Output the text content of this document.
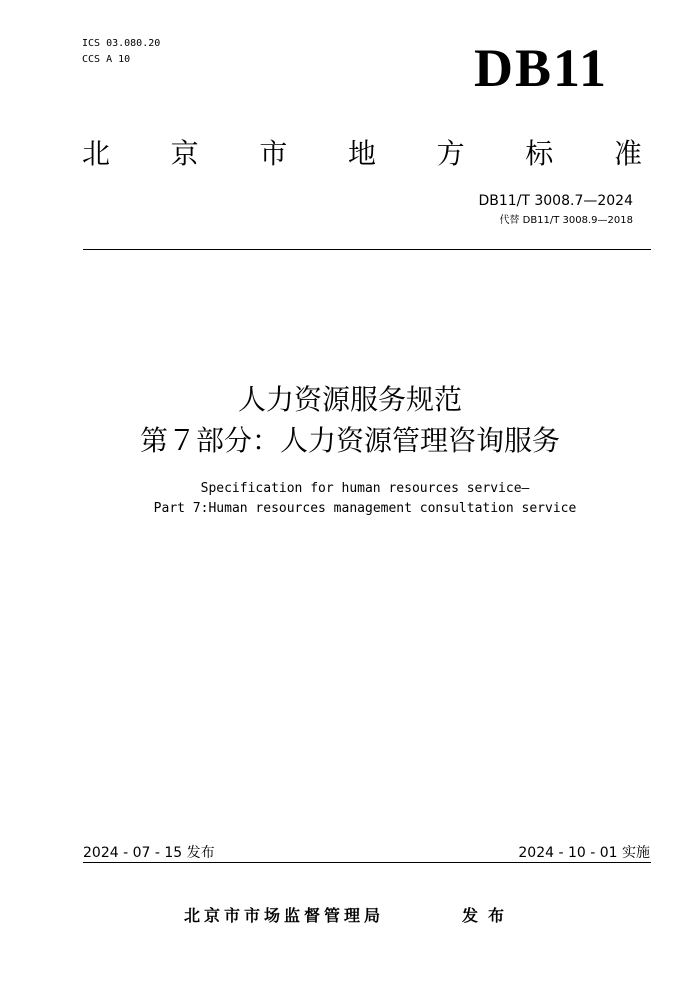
ICS 03.080.20
CCS A 10	DB11
北 京 市 地 方 标 准
DB11/T 3008.7—2024
代替 DB11/T 3008.9—2018
人力资源服务规范
第７部分：人力资源管理咨询服务
Specification for human resources service—
Part 7:Human resources management consultation service
2024 - 07 - 15 发布	2024 - 10 - 01 实施
北京市市场监督管理局	发布
